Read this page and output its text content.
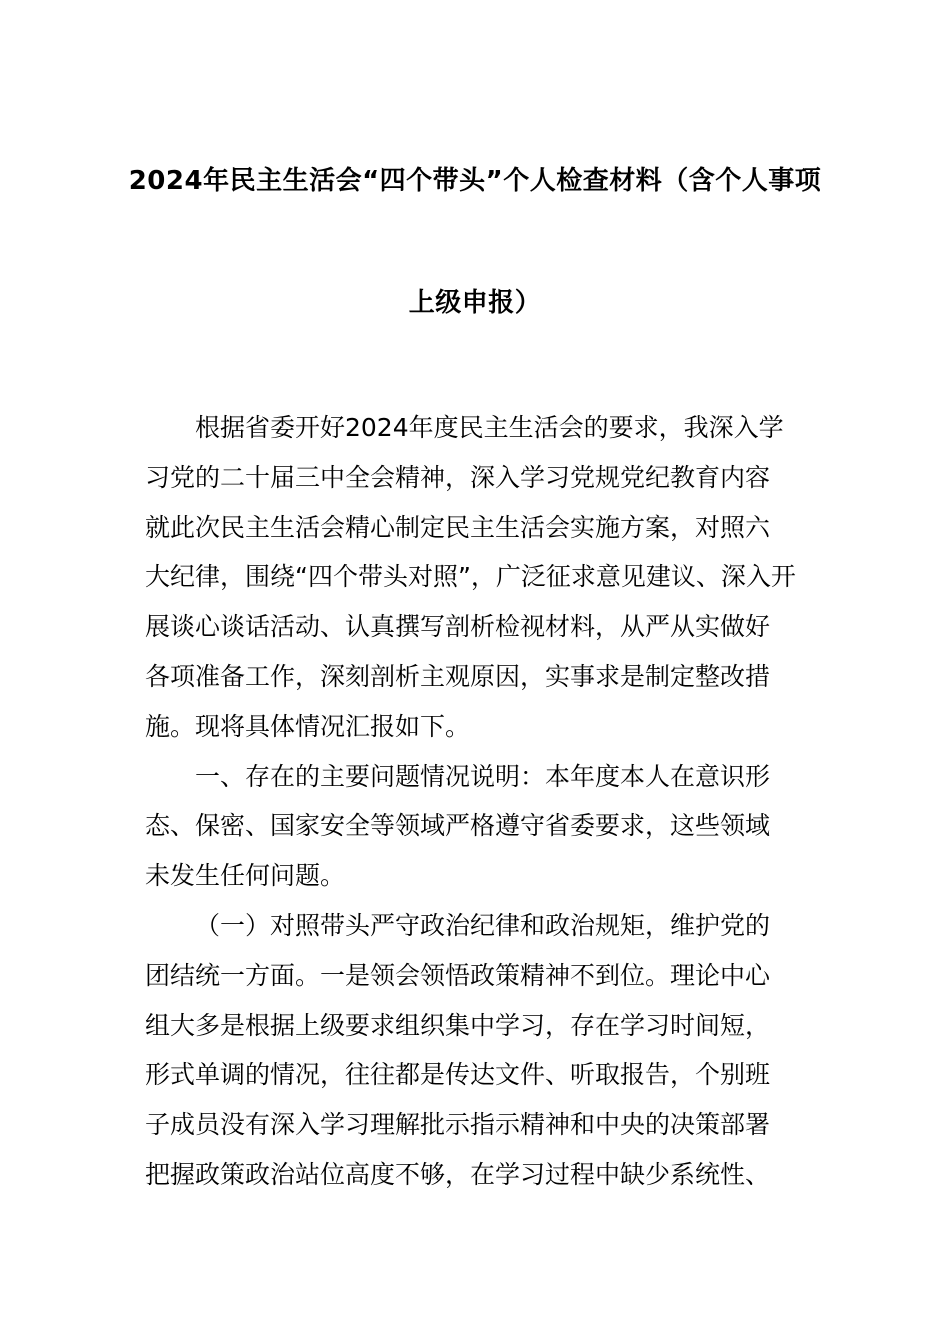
2024年民主生活会“四个带头”个人检查材料（含个人事项
上级申报）

根据省委开好2024年度民主生活会的要求，我深入学
习党的二十届三中全会精神，深入学习党规党纪教育内容
就此次民主生活会精心制定民主生活会实施方案，对照六
大纪律，围绕“四个带头对照”，广泛征求意见建议、深入开
展谈心谈话活动、认真撰写剖析检视材料，从严从实做好
各项准备工作，深刻剖析主观原因，实事求是制定整改措
施。现将具体情况汇报如下。

一、存在的主要问题情况说明：本年度本人在意识形
态、保密、国家安全等领域严格遵守省委要求，这些领域
未发生任何问题。

（一）对照带头严守政治纪律和政治规矩，维护党的
团结统一方面。一是领会领悟政策精神不到位。理论中心
组大多是根据上级要求组织集中学习，存在学习时间短，
形式单调的情况，往往都是传达文件、听取报告，个别班
子成员没有深入学习理解批示指示精神和中央的决策部署
把握政策政治站位高度不够，在学习过程中缺少系统性、
